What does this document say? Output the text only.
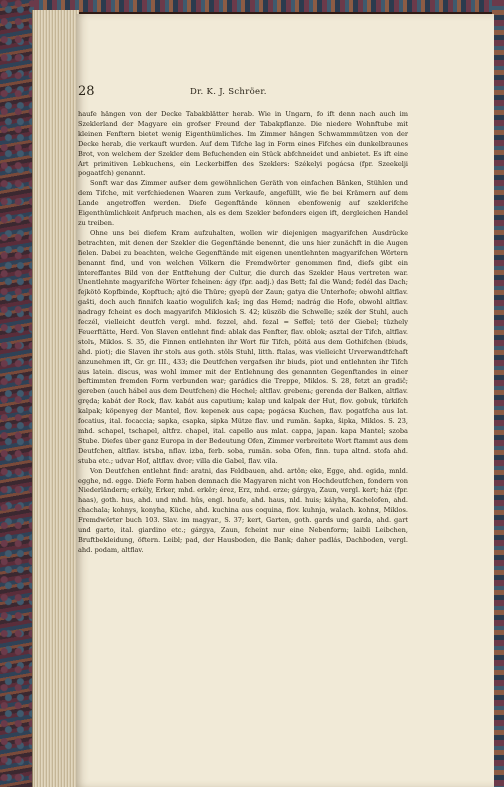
28	Dr. K. J. Schröer.

haufe hängen von der Decke Tabakblätter herab. Wie in Ungarn, fo ift denn nach auch im Szeklerland der Magyare ein grofser Freund der Tabakpflanze. Die niedere Wohnftube mit kleinen Fenftern bietet wenig Eigenthümliches. Im Zimmer hängen Schwammmützen von der Decke herab, die verkauft wurden. Auf dem Tifche lag in Form eines Fifches ein dunkelbraunes Brot, von welchem der Szekler dem Befuchenden ein Stück abfchneidet und anbietet. Es ift eine Art primitiven Lebkuchens, ein Leckerbiffen des Szeklers: Székelyi pogácsa (fpr. Szeekelji pogaatfch) genannt.

Sonft war das Zimmer aufser dem gewöhnlichen Geräth von einfachen Bänken, Stühlen und dem Tifche, mit verfchiedenen Waaren zum Verkaufe, angefüllt, wie fie bei Krämern auf dem Lande angetroffen werden. Diefe Gegenftände können ebenfowenig auf szeklerifche Eigenthümlichkeit Anfpruch machen, als es dem Szekler befonders eigen ift, dergleichen Handel zu treiben.

Ohne uns bei diefem Kram aufzuhalten, wollen wir diejenigen magyarifchen Ausdrücke betrachten, mit denen der Szekler die Gegenftände benennt, die uns hier zunächft in die Augen fielen. Dabei zu beachten, welche Gegenftände mit eigenen unentlehnten magyarifchen Wörtern benannt find, und von welchen Völkern die Fremdwörter genommen find, diefs gibt ein intereffantes Bild von der Entftehung der Cultur, die durch das Szekler Haus vertreten war. Unentlehnte magyarifche Wörter fcheinen: ágy (fpr. aadj.) das Bett; fal die Wand; fedél das Dach; fejkötö Kopfbinde, Kopftuch; ajtó die Thüre; gyepü der Zaun; gatya die Unterhofe; obwohl altflav. gašti, doch auch finnifch kaatio wogulifch kaš; ing das Hemd; nadrág die Hofe, obwohl altflav. nadragy fcheint es doch magyarifch Miklosich S. 42; küszöb die Schwelle; szék der Stuhl, auch feczél, vielleicht deutfch vergl. mhd. fezzel, ahd. fezal = Seffel; tetö der Giebel; tüzhely Feuerftätte, Herd. Von Slaven entlehnt find: ablak das Fenfter, flav. oblok; asztal der Tifch, altflav. stolъ, Miklos. S. 35, die Finnen entlehnten ihr Wort für Tifch, pöitä aus dem Gothifchen (biuds, ahd. piot); die Slaven ihr stolъ aus goth. stôls Stuhl, litth. ftalas, was vielleicht Urverwandtfchaft anzunehmen ift, Gr. gr. III., 433; die Deutfchen vergafsen ihr biuds, piot und entlehnten ihr Tifch aus latein. discus, was wohl immer mit der Entlehnung des genannten Gegenftandes in einer beftimmten fremden Form verbunden war; garádics die Treppe, Miklos. S. 28, fetzt an gradič; gereben (auch hábel aus dem Deutfchen) die Hechel; altflav. grebenь; gerenda der Balken, altflav. gręda; kabát der Rock, flav. kabát aus caputium; kalap und kalpak der Hut, flov. gobuk, türkifch kalpak; köpenyeg der Mantel, flov. kepenek aus capa; pogácsa Kuchen, flav. pogatfcha aus lat. focatius, ital. focaccia; sapka, csapka, sipka Mütze flav. und rumän. šapka, šipka, Miklos. S. 23, mhd. schapel, tschapel, altfrz. chapel, ital. capello aus mlat. cappa, japan. kapa Mantel; szoba Stube. Diefes über ganz Europa in der Bedeutung Ofen, Zimmer verbreitete Wort ftammt aus dem Deutfchen, altflav. istъba, nflav. izba, ferb. soba, rumän. soba Ofen, finn. tupa altnd. stofa ahd. stuba etc.; udvar Hof, altflav. dvor; villa die Gabel, flav. vila.

Von Deutfchen entlehnt find: aratni, das Feldbauen, ahd. artôn; eke, Egge, ahd. egida, mnld. egghe, nd. egge. Diefe Form haben demnach die Magyaren nicht von Hochdeutfchen, fondern von Niederländern; erkély, Erker, mhd. erkêr; érez, Erz, mhd. erze; gárgya, Zaun, vergl. kert; ház (fpr. haas), goth. hus, ahd. und mhd. hûs, engl. houfe, ahd. haus, nld. huis; kályha, Kachelofen, ahd. chachala; kohnys, konyha, Küche, ahd. kuchina aus coquina, flov. kuhnja, walach. kohnя, Miklos. Fremdwörter buch 103. Slav. im magyar., S. 37; kert, Garten, goth. gards und garda, ahd. gart und garto, ital. giardino etc.; gárgya, Zaun, fcheint nur eine Nebenform; laibli Leibchen, Bruftbekleidung, öftern. Leibl; pad, der Hausboden, die Bank; daher padlás, Dachboden, vergl. ahd. podam, altflav.
